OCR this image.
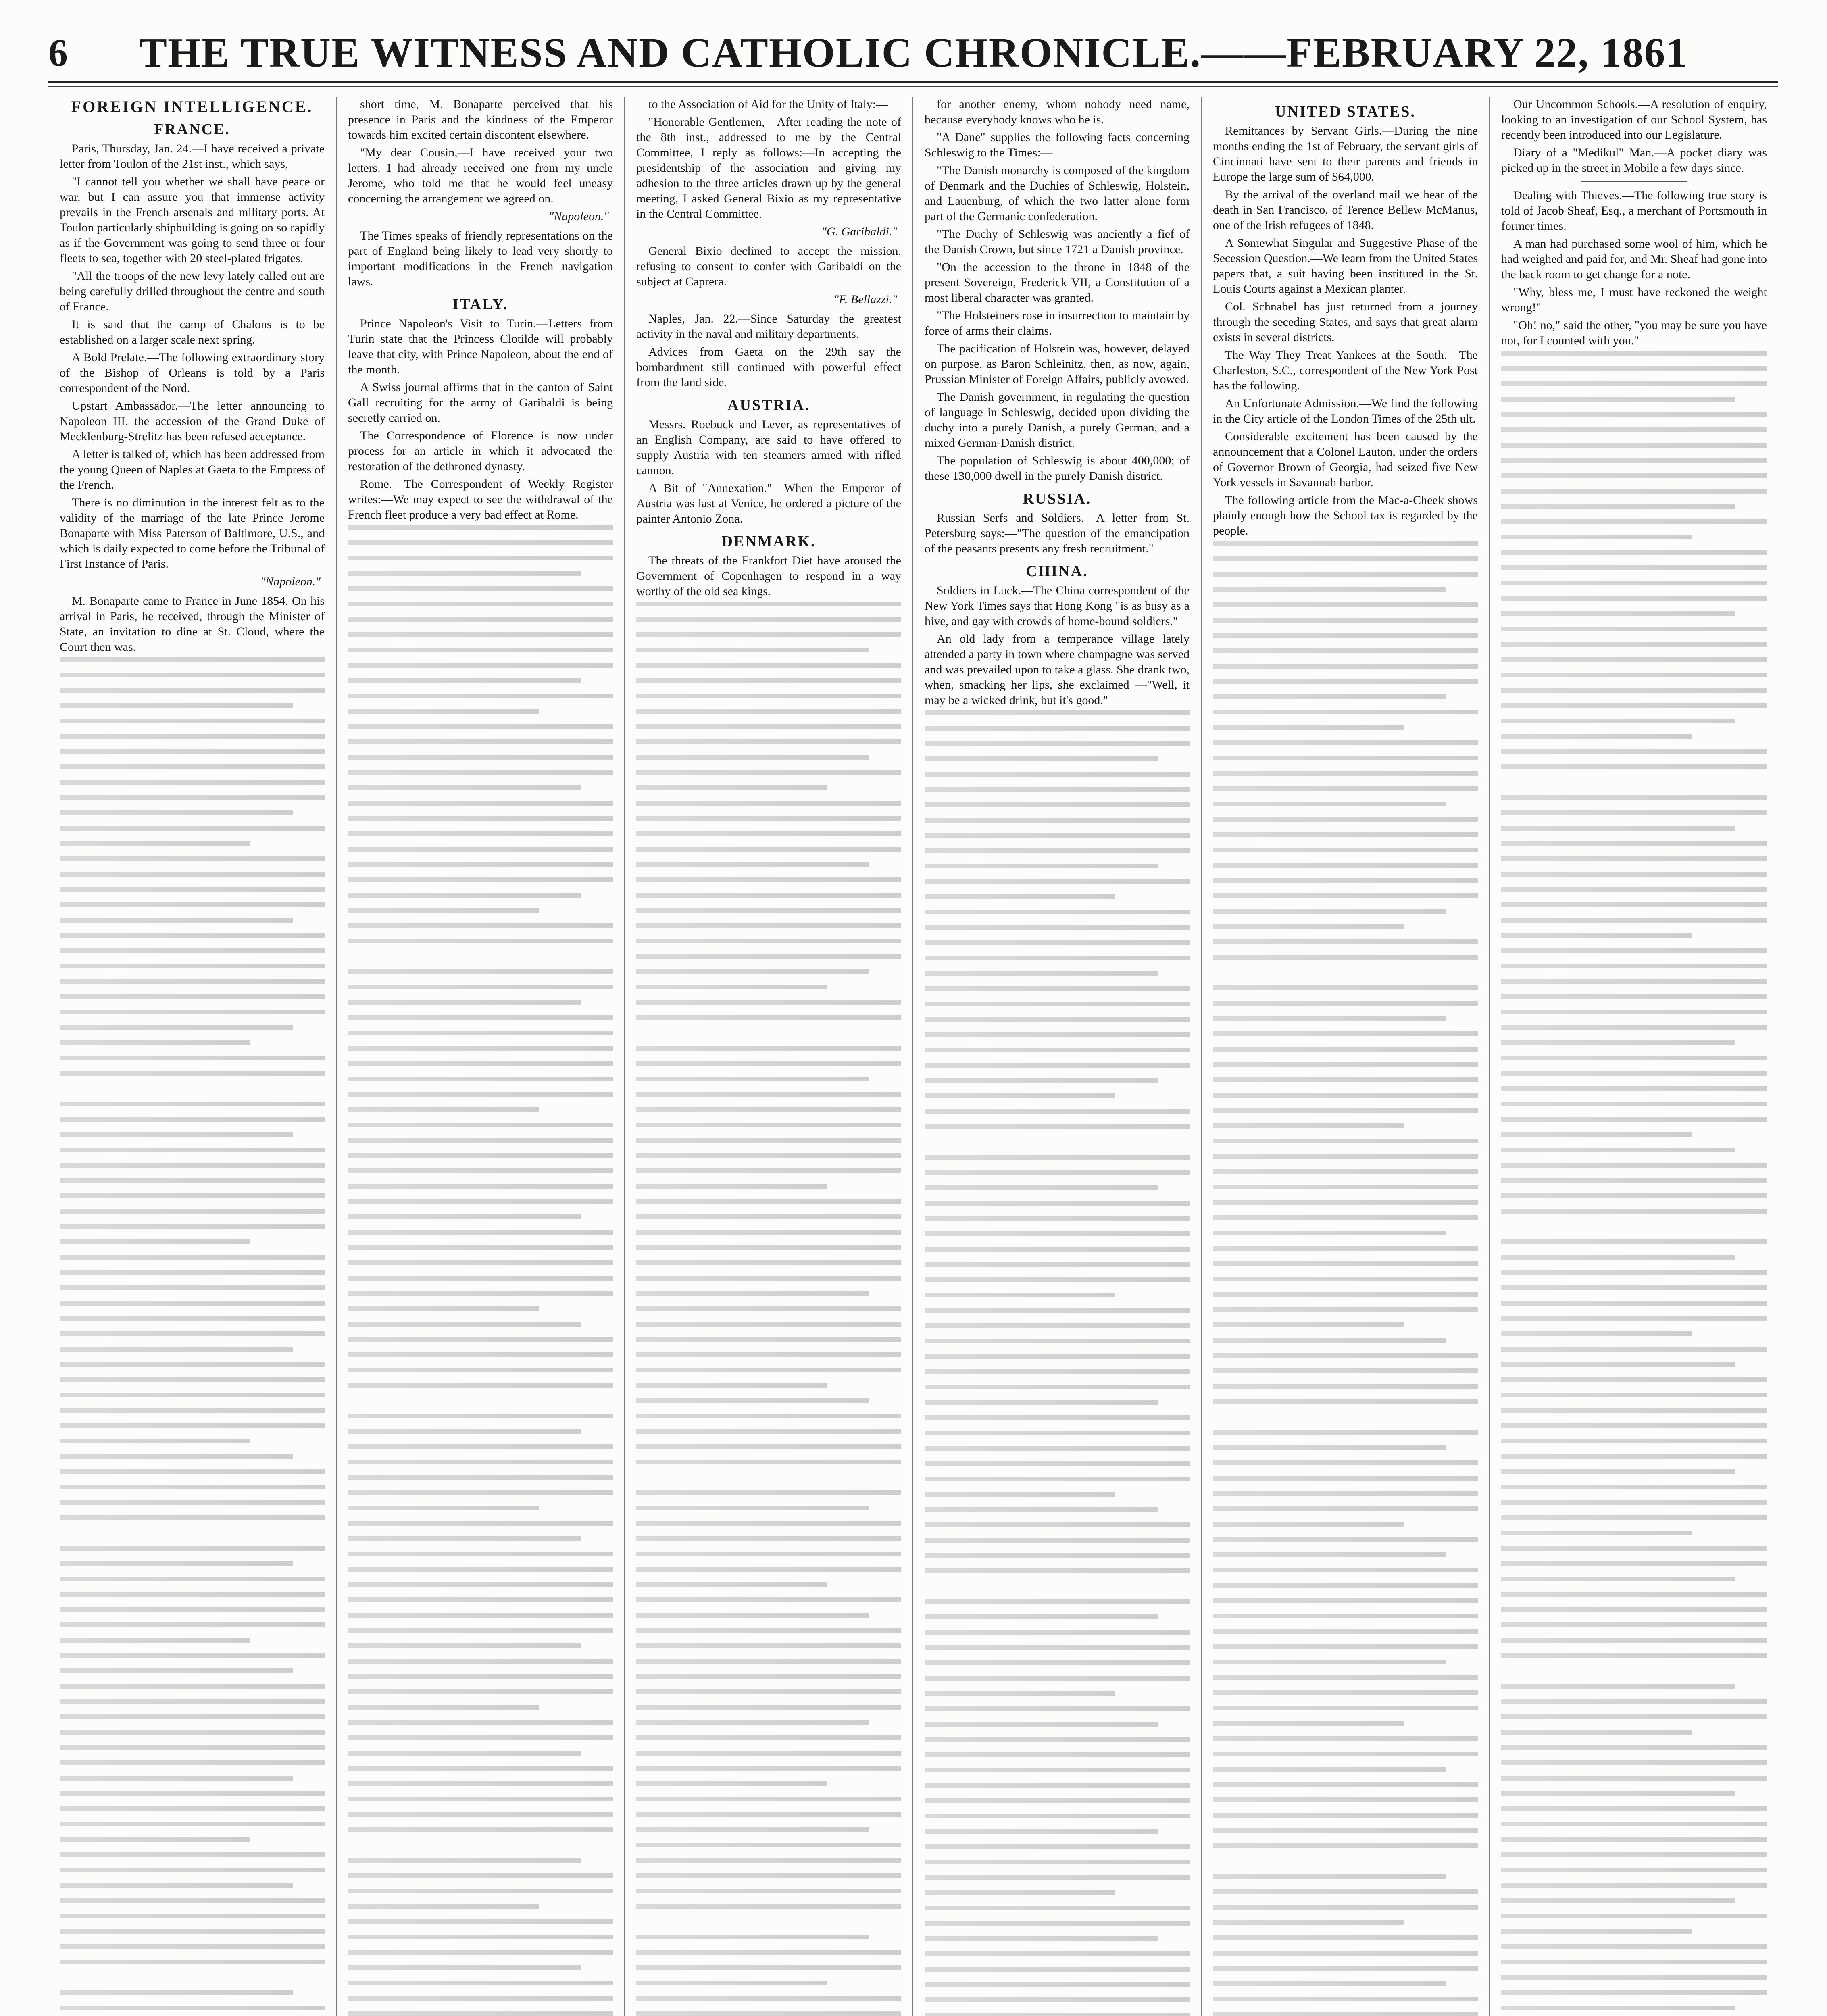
6	THE TRUE WITNESS AND CATHOLIC CHRONICLE.——FEBRUARY 22, 1861
FOREIGN INTELLIGENCE.
FRANCE.
Paris, Thursday, Jan. 24.—I have received a private letter from Toulon of the 21st inst., which says,—
"I cannot tell you whether we shall have peace or war, but I can assure you that immense activity prevails in the French arsenals and military ports. At Toulon particularly shipbuilding is going on so rapidly as if the Government was going to send three or four fleets to sea, together with 20 steel-plated frigates.
"All the troops of the new levy lately called out are being carefully drilled throughout the centre and south of France.
It is said that the camp of Chalons is to be established on a larger scale next spring.
A Bold Prelate.—The following extraordinary story of the Bishop of Orleans is told by a Paris correspondent of the Nord.
Upstart Ambassador.—The letter announcing to Napoleon III. the accession of the Grand Duke of Mecklenburg-Strelitz has been refused acceptance.
A letter is talked of, which has been addressed from the young Queen of Naples at Gaeta to the Empress of the French.
There is no diminution in the interest felt as to the validity of the marriage of the late Prince Jerome Bonaparte with Miss Paterson of Baltimore, U.S., and which is daily expected to come before the Tribunal of First Instance of Paris.
"Napoleon."
M. Bonaparte came to France in June 1854. On his arrival in Paris, he received, through the Minister of State, an invitation to dine at St. Cloud, where the Court then was.
short time, M. Bonaparte perceived that his presence in Paris and the kindness of the Emperor towards him excited certain discontent elsewhere.
"My dear Cousin,—I have received your two letters. I had already received one from my uncle Jerome, who told me that he would feel uneasy concerning the arrangement we agreed on.
"Napoleon."
The Times speaks of friendly representations on the part of England being likely to lead very shortly to important modifications in the French navigation laws.
ITALY.
Prince Napoleon's Visit to Turin.—Letters from Turin state that the Princess Clotilde will probably leave that city, with Prince Napoleon, about the end of the month.
A Swiss journal affirms that in the canton of Saint Gall recruiting for the army of Garibaldi is being secretly carried on.
The Correspondence of Florence is now under process for an article in which it advocated the restoration of the dethroned dynasty.
Rome.—The Correspondent of Weekly Register writes:—We may expect to see the withdrawal of the French fleet produce a very bad effect at Rome.
to the Association of Aid for the Unity of Italy:—
"Honorable Gentlemen,—After reading the note of the 8th inst., addressed to me by the Central Committee, I reply as follows:—In accepting the presidentship of the association and giving my adhesion to the three articles drawn up by the general meeting, I asked General Bixio as my representative in the Central Committee.
"G. Garibaldi."
General Bixio declined to accept the mission, refusing to consent to confer with Garibaldi on the subject at Caprera.
"F. Bellazzi."
Naples, Jan. 22.—Since Saturday the greatest activity in the naval and military departments.
Advices from Gaeta on the 29th say the bombardment still continued with powerful effect from the land side.
AUSTRIA.
Messrs. Roebuck and Lever, as representatives of an English Company, are said to have offered to supply Austria with ten steamers armed with rifled cannon.
A Bit of "Annexation."—When the Emperor of Austria was last at Venice, he ordered a picture of the painter Antonio Zona.
DENMARK.
The threats of the Frankfort Diet have aroused the Government of Copenhagen to respond in a way worthy of the old sea kings.
for another enemy, whom nobody need name, because everybody knows who he is.
"A Dane" supplies the following facts concerning Schleswig to the Times:—
"The Danish monarchy is composed of the kingdom of Denmark and the Duchies of Schleswig, Holstein, and Lauenburg, of which the two latter alone form part of the Germanic confederation.
"The Duchy of Schleswig was anciently a fief of the Danish Crown, but since 1721 a Danish province.
"On the accession to the throne in 1848 of the present Sovereign, Frederick VII, a Constitution of a most liberal character was granted.
"The Holsteiners rose in insurrection to maintain by force of arms their claims.
The pacification of Holstein was, however, delayed on purpose, as Baron Schleinitz, then, as now, again, Prussian Minister of Foreign Affairs, publicly avowed.
The Danish government, in regulating the question of language in Schleswig, decided upon dividing the duchy into a purely Danish, a purely German, and a mixed German-Danish district.
The population of Schleswig is about 400,000; of these 130,000 dwell in the purely Danish district.
RUSSIA.
Russian Serfs and Soldiers.—A letter from St. Petersburg says:—"The question of the emancipation of the peasants presents any fresh recruitment."
CHINA.
Soldiers in Luck.—The China correspondent of the New York Times says that Hong Kong "is as busy as a hive, and gay with crowds of home-bound soldiers."
An old lady from a temperance village lately attended a party in town where champagne was served and was prevailed upon to take a glass. She drank two, when, smacking her lips, she exclaimed —"Well, it may be a wicked drink, but it's good."
UNITED STATES.
Remittances by Servant Girls.—During the nine months ending the 1st of February, the servant girls of Cincinnati have sent to their parents and friends in Europe the large sum of $64,000.
By the arrival of the overland mail we hear of the death in San Francisco, of Terence Bellew McManus, one of the Irish refugees of 1848.
A Somewhat Singular and Suggestive Phase of the Secession Question.—We learn from the United States papers that, a suit having been instituted in the St. Louis Courts against a Mexican planter.
Col. Schnabel has just returned from a journey through the seceding States, and says that great alarm exists in several districts.
The Way They Treat Yankees at the South.—The Charleston, S.C., correspondent of the New York Post has the following.
An Unfortunate Admission.—We find the following in the City article of the London Times of the 25th ult.
Considerable excitement has been caused by the announcement that a Colonel Lauton, under the orders of Governor Brown of Georgia, had seized five New York vessels in Savannah harbor.
The following article from the Mac-a-Cheek shows plainly enough how the School tax is regarded by the people.
Our Uncommon Schools.—A resolution of enquiry, looking to an investigation of our School System, has recently been introduced into our Legislature.
Diary of a "Medikul" Man.—A pocket diary was picked up in the street in Mobile a few days since.
Dealing with Thieves.—The following true story is told of Jacob Sheaf, Esq., a merchant of Portsmouth in former times.
A man had purchased some wool of him, which he had weighed and paid for, and Mr. Sheaf had gone into the back room to get change for a note.
"Why, bless me, I must have reckoned the weight wrong!"
"Oh! no," said the other, "you may be sure you have not, for I counted with you."
